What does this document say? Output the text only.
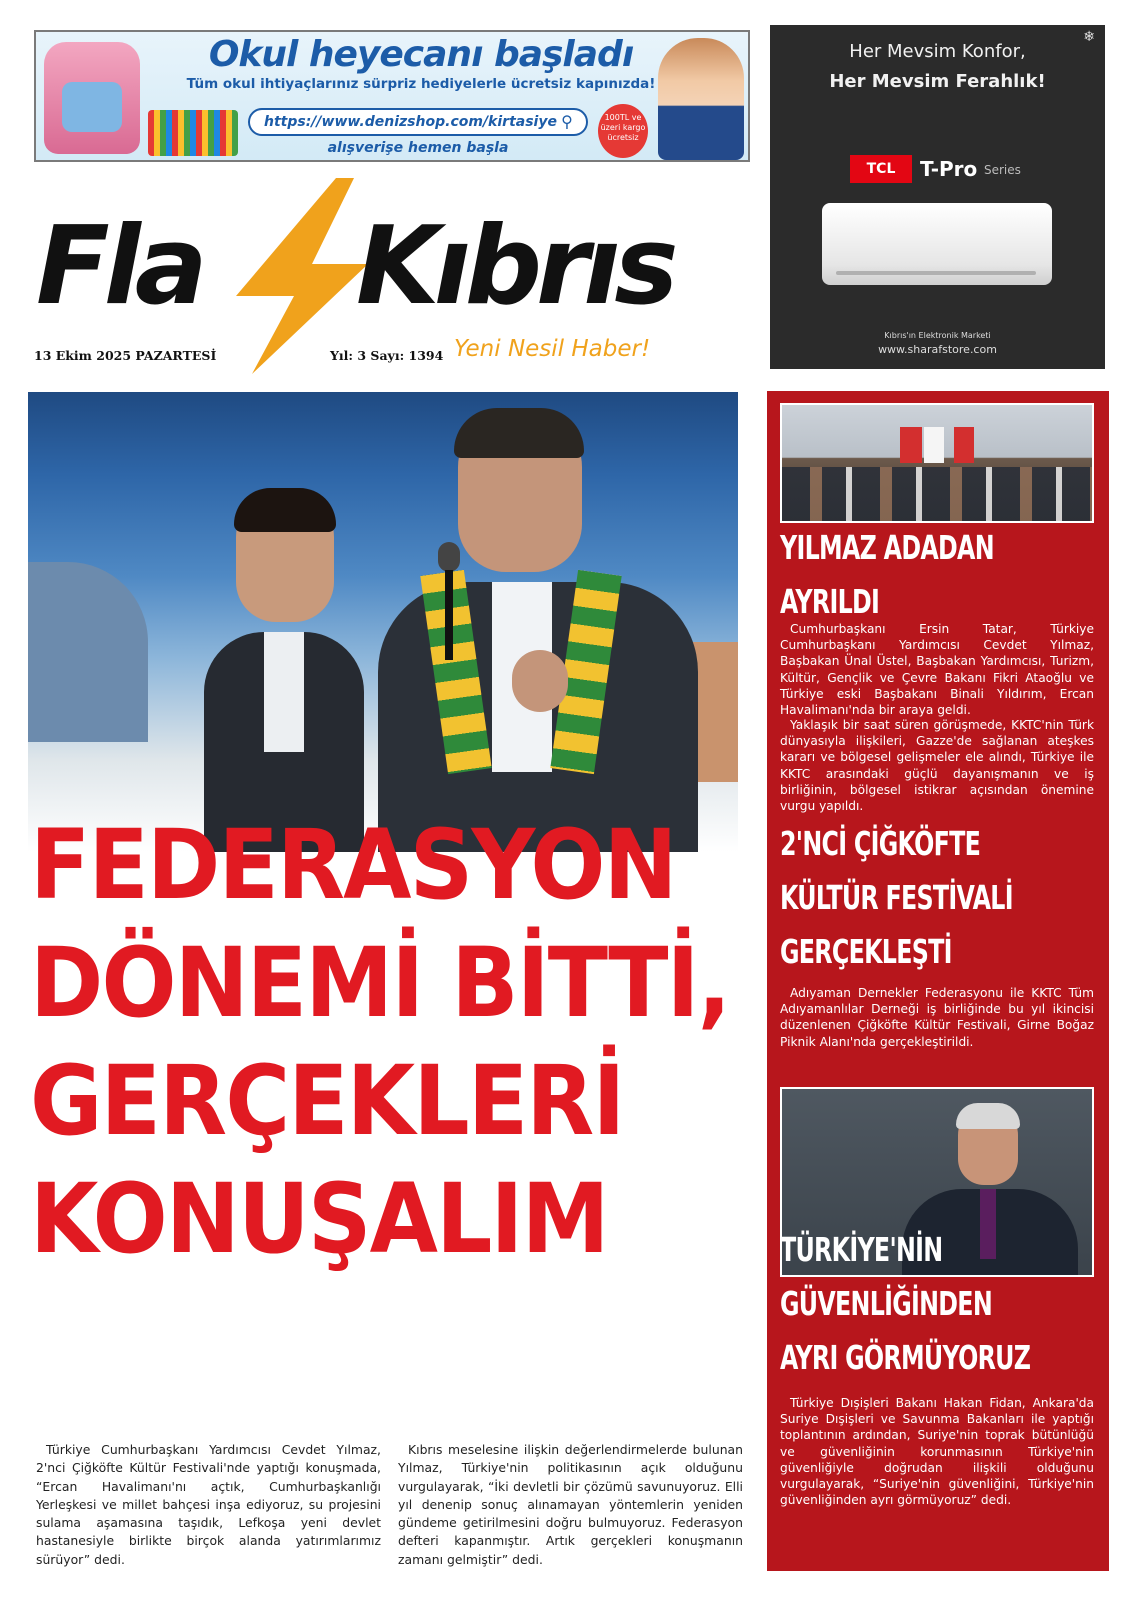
Okul heyecanı başladı
Tüm okul ihtiyaçlarınız sürpriz hediyelerle ücretsiz kapınızda!
https://www.denizshop.com/kirtasiye ⚲
alışverişe hemen başla
100TL ve üzeri kargo ücretsiz
❄
Her Mevsim Konfor,
Her Mevsim Ferahlık!
TCL	T-Pro Series
Kıbrıs'ın Elektronik Marketi
www.sharafstore.com
Fla Kıbrıs
Yeni Nesil Haber!
13 Ekim 2025 PAZARTESİ	Yıl: 3 Sayı: 1394
FEDERASYON
DÖNEMİ BİTTİ,
GERÇEKLERİ
KONUŞALIM
Türkiye Cumhurbaşkanı Yardımcısı Cevdet Yılmaz, 2'nci Çiğköfte Kültür Festivali'nde yaptığı konuşmada, “Ercan Havalimanı'nı açtık, Cumhurbaşkanlığı Yerleşkesi ve millet bahçesi inşa ediyoruz, su projesini sulama aşamasına taşıdık, Lefkoşa yeni devlet hastanesiyle birlikte birçok alanda yatırımlarımız sürüyor” dedi.
Kıbrıs meselesine ilişkin değerlendirmelerde bulunan Yılmaz, Türkiye'nin politikasının açık olduğunu vurgulayarak, “İki devletli bir çözümü savunuyoruz. Elli yıl denenip sonuç alınamayan yöntemlerin yeniden gündeme getirilmesini doğru bulmuyoruz. Federasyon defteri kapanmıştır. Artık gerçekleri konuşmanın zamanı gelmiştir” dedi.
YILMAZ ADADAN
AYRILDI
Cumhurbaşkanı Ersin Tatar, Türkiye Cumhurbaşkanı Yardımcısı Cevdet Yılmaz, Başbakan Ünal Üstel, Başbakan Yardımcısı, Turizm, Kültür, Gençlik ve Çevre Bakanı Fikri Ataoğlu ve Türkiye eski Başbakanı Binali Yıldırım, Ercan Havalimanı'nda bir araya geldi.
Yaklaşık bir saat süren görüşmede, KKTC'nin Türk dünyasıyla ilişkileri, Gazze'de sağlanan ateşkes kararı ve bölgesel gelişmeler ele alındı, Türkiye ile KKTC arasındaki güçlü dayanışmanın ve iş birliğinin, bölgesel istikrar açısından önemine vurgu yapıldı.
2'NCİ ÇİĞKÖFTE
KÜLTÜR FESTİVALİ
GERÇEKLEŞTİ
Adıyaman Dernekler Federasyonu ile KKTC Tüm Adıyamanlılar Derneği iş birliğinde bu yıl ikincisi düzenlenen Çiğköfte Kültür Festivali, Girne Boğaz Piknik Alanı'nda gerçekleştirildi.
TÜRKİYE'NİN
GÜVENLİĞİNDEN
AYRI GÖRMÜYORUZ
Türkiye Dışişleri Bakanı Hakan Fidan, Ankara'da Suriye Dışişleri ve Savunma Bakanları ile yaptığı toplantının ardından, Suriye'nin toprak bütünlüğü ve güvenliğinin korunmasının Türkiye'nin güvenliğiyle doğrudan ilişkili olduğunu vurgulayarak, “Suriye'nin güvenliğini, Türkiye'nin güvenliğinden ayrı görmüyoruz” dedi.
